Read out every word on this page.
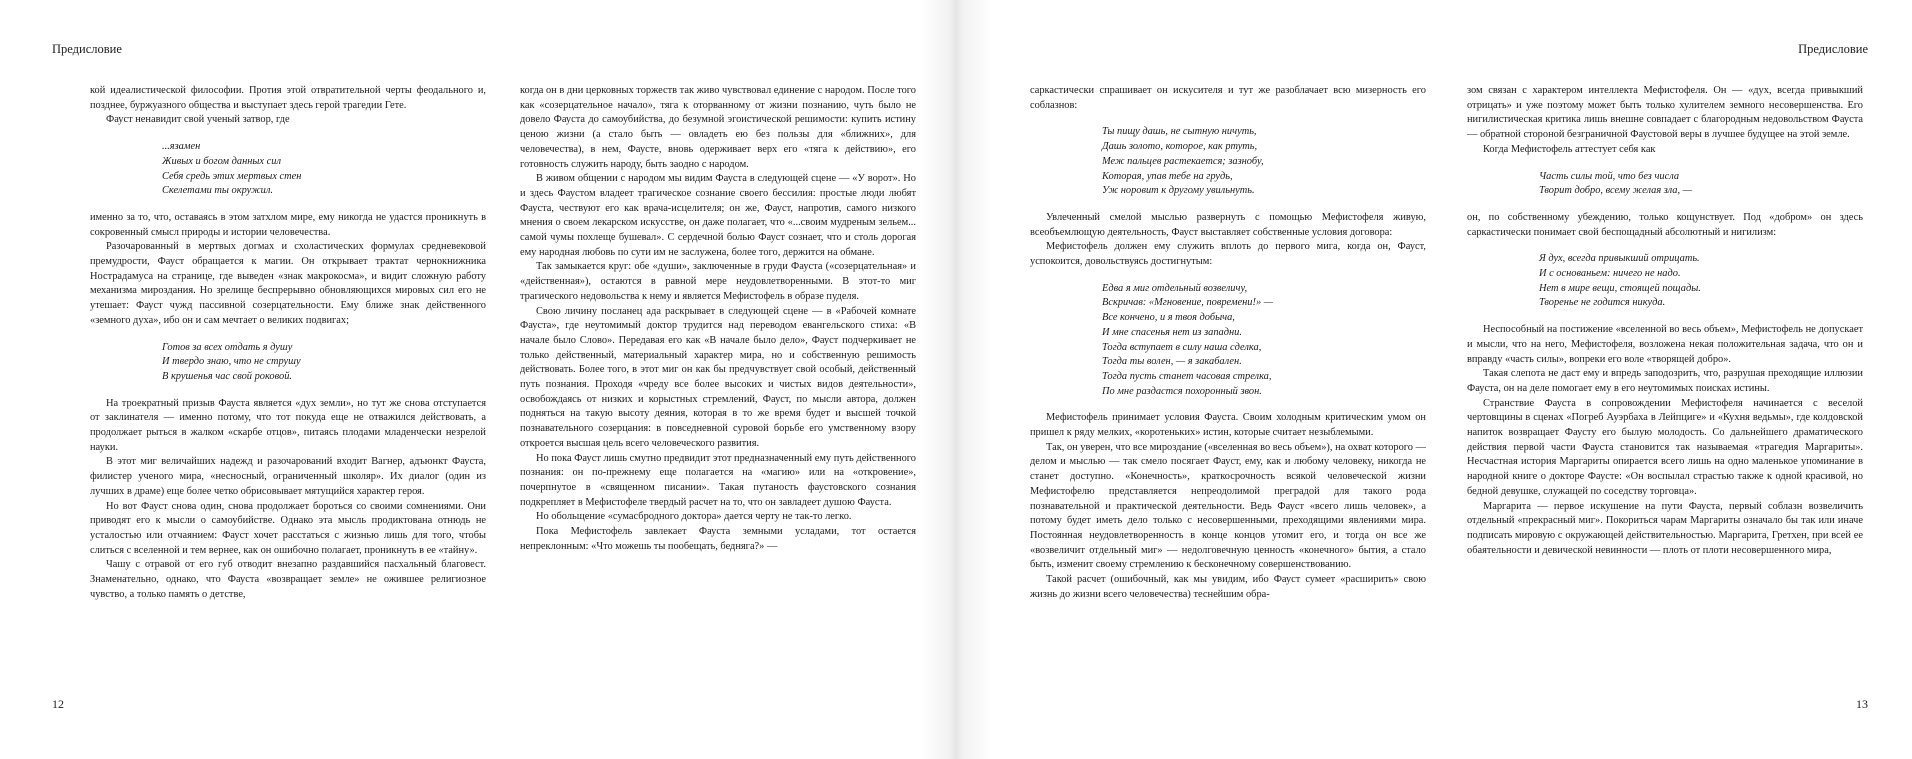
Предисловие

кой идеалистической философии. Протия этой отвратительной черты феодального и, позднее, буржуазного общества и выступает здесь герой трагедии Гете.

Фауст ненавидит свой ученый затвор, где

...язамен
Живых и богом данных сил
Себя средь этих мертвых стен
Скелетами ты окружил.

именно за то, что, оставаясь в этом затхлом мире, ему никогда не удастся проникнуть в сокровенный смысл природы и истории человечества.

Разочарованный в мертвых догмах и схоластических формулах средневековой премудрости, Фауст обращается к магии. Он открывает трактат чернокнижника Нострадамуса на странице, где выведен «знак макрокосма», и видит сложную работу механизма мироздания. Но зрелище беспрерывно обновляющихся мировых сил его не утешает: Фауст чужд пассивной созерцательности. Ему ближе знак действенного «земного духа», ибо он и сам мечтает о великих подвигах;

Готов за всех отдать я душу
И твердо знаю, что не струшу
В крушенья час свой роковой.

На троекратный призыв Фауста является «дух земли», но тут же снова отступается от заклинателя — именно потому, что тот покуда еще не отважился действовать, а продолжает рыться в жалком «скарбе отцов», питаясь плодами младенчески незрелой науки.

В этот миг величайших надежд и разочарований входит Вагнер, адъюнкт Фауста, филистер ученого мира, «несносный, ограниченный школяр». Их диалог (один из лучших в драме) еще более четко обрисовывает мятущийся характер героя.

Но вот Фауст снова один, снова продолжает бороться со своими сомнениями. Они приводят его к мысли о самоубийстве. Однако эта мысль продиктована отнюдь не усталостью или отчаянием: Фауст хочет расстаться с жизнью лишь для того, чтобы слиться с вселенной и тем вернее, как он ошибочно полагает, проникнуть в ее «тайну».

Чашу с отравой от его губ отводит внезапно раздавшийся пасхальный благовест. Знаменательно, однако, что Фауста «возвращает земле» не ожившее религиозное чувство, а только память о детстве,

когда он в дни церковных торжеств так живо чувствовал единение с народом. После того как «созерцательное начало», тяга к оторванному от жизни познанию, чуть было не довело Фауста до самоубийства, до безумной эгоистической решимости: купить истину ценою жизни (а стало быть — овладеть ею без пользы для «ближних», для человечества), в нем, Фаусте, вновь одерживает верх его «тяга к действию», его готовность служить народу, быть заодно с народом.

В живом общении с народом мы видим Фауста в следующей сцене — «У ворот». Но и здесь Фаустом владеет трагическое сознание своего бессилия: простые люди любят Фауста, чествуют его как врача-исцелителя; он же, Фауст, напротив, самого низкого мнения о своем лекарском искусстве, он даже полагает, что «...своим мудреным зельем... самой чумы похлеще бушевал». С сердечной болью Фауст сознает, что и столь дорогая ему народная любовь по сути им не заслужена, более того, держится на обмане.

Так замыкается круг: обе «души», заключенные в груди Фауста («созерцательная» и «действенная»), остаются в равной мере неудовлетворенными. В этот-то миг трагического недовольства к нему и является Мефистофель в образе пуделя.

Свою личину посланец ада раскрывает в следующей сцене — в «Рабочей комнате Фауста», где неутомимый доктор трудится над переводом евангельского стиха: «В начале было Слово». Передавая его как «В начале было дело», Фауст подчеркивает не только действенный, материальный характер мира, но и собственную решимость действовать. Более того, в этот миг он как бы предчувствует свой особый, действенный путь познания. Проходя «чреду все более высоких и чистых видов деятельности», освобождаясь от низких и корыстных стремлений, Фауст, по мысли автора, должен подняться на такую высоту деяния, которая в то же время будет и высшей точкой познавательного созерцания: в повседневной суровой борьбе его умственному взору откроется высшая цель всего человеческого развития.

Но пока Фауст лишь смутно предвидит этот предназначенный ему путь действенного познания: он по-прежнему еще полагается на «магию» или на «откровение», почерпнутое в «священном писании». Такая путаность фаустовского сознания подкрепляет в Мефистофеле твердый расчет на то, что он завладеет душою Фауста.

Но обольщение «сумасбродного доктора» дается черту не так-то легко.

Пока Мефистофель завлекает Фауста земными усладами, тот остается непреклонным: «Что можешь ты пообещать, бедняга?» —

12
Предисловие

саркастически спрашивает он искусителя и тут же разоблачает всю мизерность его соблазнов:

Ты пищу дашь, не сытную ничуть,
Дашь золото, которое, как ртуть,
Меж пальцев растекается; зазнобу,
Которая, упав тебе на грудь,
Уж норовит к другому увильнуть.

Увлеченный смелой мыслью развернуть с помощью Мефистофеля живую, всеобъемлющую деятельность, Фауст выставляет собственные условия договора:

Мефистофель должен ему служить вплоть до первого мига, когда он, Фауст, успокоится, довольствуясь достигнутым:

Едва я миг отдельный возвеличу,
Вскричав: «Мгновение, повремени!» —
Все кончено, и я твоя добыча,
И мне спасенья нет из западни.
Тогда вступает в силу наша сделка,
Тогда ты волен, — я закабален.
Тогда пусть станет часовая стрелка,
По мне раздастся похоронный звон.

Мефистофель принимает условия Фауста. Своим холодным критическим умом он пришел к ряду мелких, «коротеньких» истин, которые считает незыблемыми.

Так, он уверен, что все мироздание («вселенная во весь объем»), на охват которого — делом и мыслью — так смело посягает Фауст, ему, как и любому человеку, никогда не станет доступно. «Конечность», краткосрочность всякой человеческой жизни Мефистофелю представляется непреодолимой преградой для такого рода познавательной и практической деятельности. Ведь Фауст «всего лишь человек», а потому будет иметь дело только с несовершенными, преходящими явлениями мира. Постоянная неудовлетворенность в конце концов утомит его, и тогда он все же «возвеличит отдельный миг» — недолговечную ценность «конечного» бытия, а стало быть, изменит своему стремлению к бесконечному совершенствованию.

Такой расчет (ошибочный, как мы увидим, ибо Фауст сумеет «расширить» свою жизнь до жизни всего человечества) теснейшим обра-

зом связан с характером интеллекта Мефистофеля. Он — «дух, всегда привыкший отрицать» и уже поэтому может быть только хулителем земного несовершенства. Его нигилистическая критика лишь внешне совпадает с благородным недовольством Фауста — обратной стороной безграничной Фаустовой веры в лучшее будущее на этой земле.

Когда Мефистофель аттестует себя как

Часть силы той, что без числа
Творит добро, всему желая зла, —

он, по собственному убеждению, только кощунствует. Под «добром» он здесь саркастически понимает свой беспощадный абсолютный и нигилизм:

Я дух, всегда привыкший отрицать.
И с основаньем: ничего не надо.
Нет в мире вещи, стоящей пощады.
Творенье не годится никуда.

Неспособный на постижение «вселенной во весь объем», Мефистофель не допускает и мысли, что на него, Мефистофеля, возложена некая положительная задача, что он и вправду «часть силы», вопреки его воле «творящей добро».

Такая слепота не даст ему и впредь заподозрить, что, разрушая преходящие иллюзии Фауста, он на деле помогает ему в его неутомимых поисках истины.

Странствие Фауста в сопровождении Мефистофеля начинается с веселой чертовщины в сценах «Погреб Ауэрбаха в Лейпциге» и «Кухня ведьмы», где колдовской напиток возвращает Фаусту его былую молодость. Со дальнейшего драматического действия первой части Фауста становится так называемая «трагедия Маргариты». Несчастная история Маргариты опирается всего лишь на одно маленькое упоминание в народной книге о докторе Фаусте: «Он воспылал страстью также к одной красивой, но бедной девушке, служащей по соседству торговца».

Маргарита — первое искушение на пути Фауста, первый соблазн возвеличить отдельный «прекрасный миг». Покориться чарам Маргариты означало бы так или иначе подписать мировую с окружающей действительностью. Маргарита, Гретхен, при всей ее обаятельности и девической невинности — плоть от плоти несовершенного мира,

13
